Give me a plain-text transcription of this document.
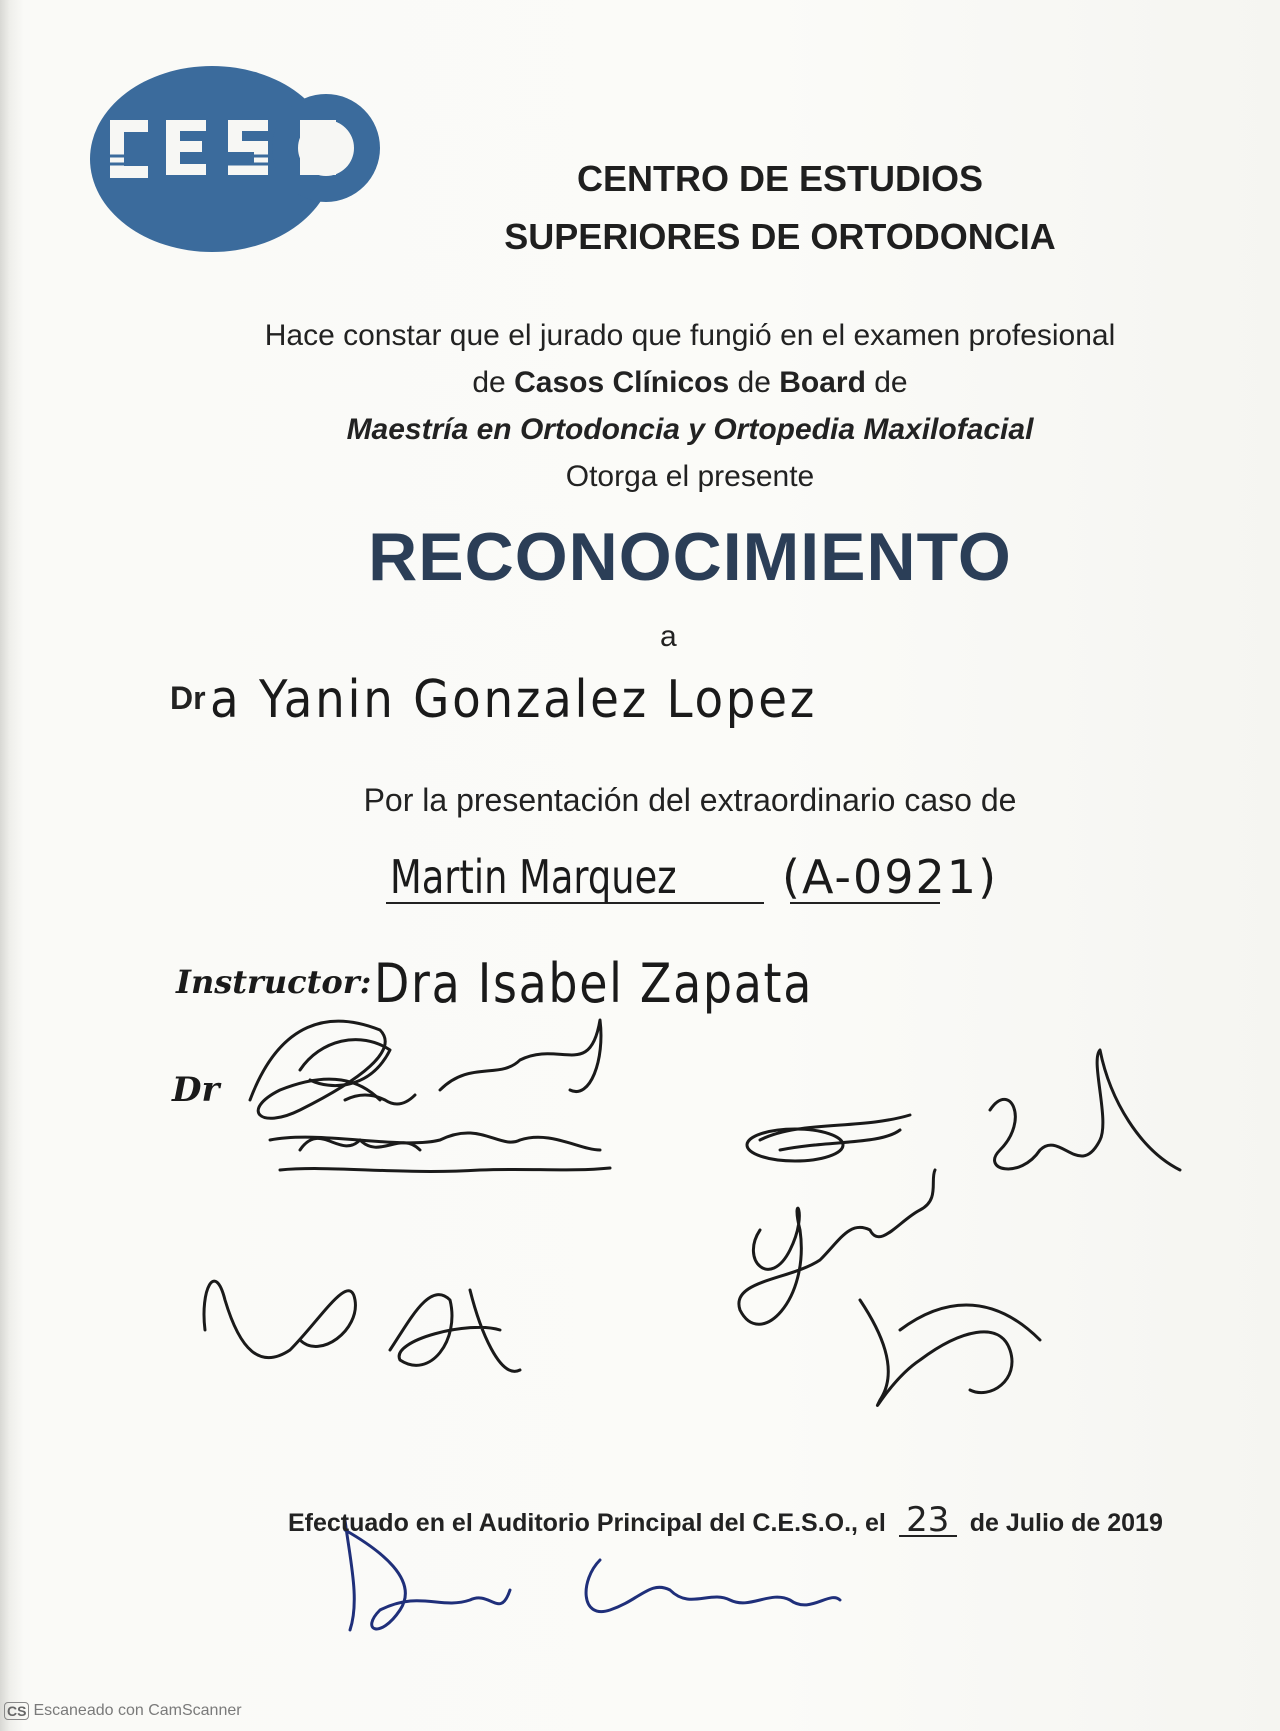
CENTRO DE ESTUDIOS
SUPERIORES DE ORTODONCIA
Hace constar que el jurado que fungió en el examen profesional
de Casos Clínicos de Board de
Maestría en Ortodoncia y Ortopedia Maxilofacial
Otorga el presente
RECONOCIMIENTO
a
Dr a Yanin Gonzalez Lopez
Por la presentación del extraordinario caso de
Martin Marquez (A-0921)
Instructor: Dra Isabel Zapata
Dr
Efectuado en el Auditorio Principal del C.E.S.O., el 23 de Julio de 2019
CS Escaneado con CamScanner
